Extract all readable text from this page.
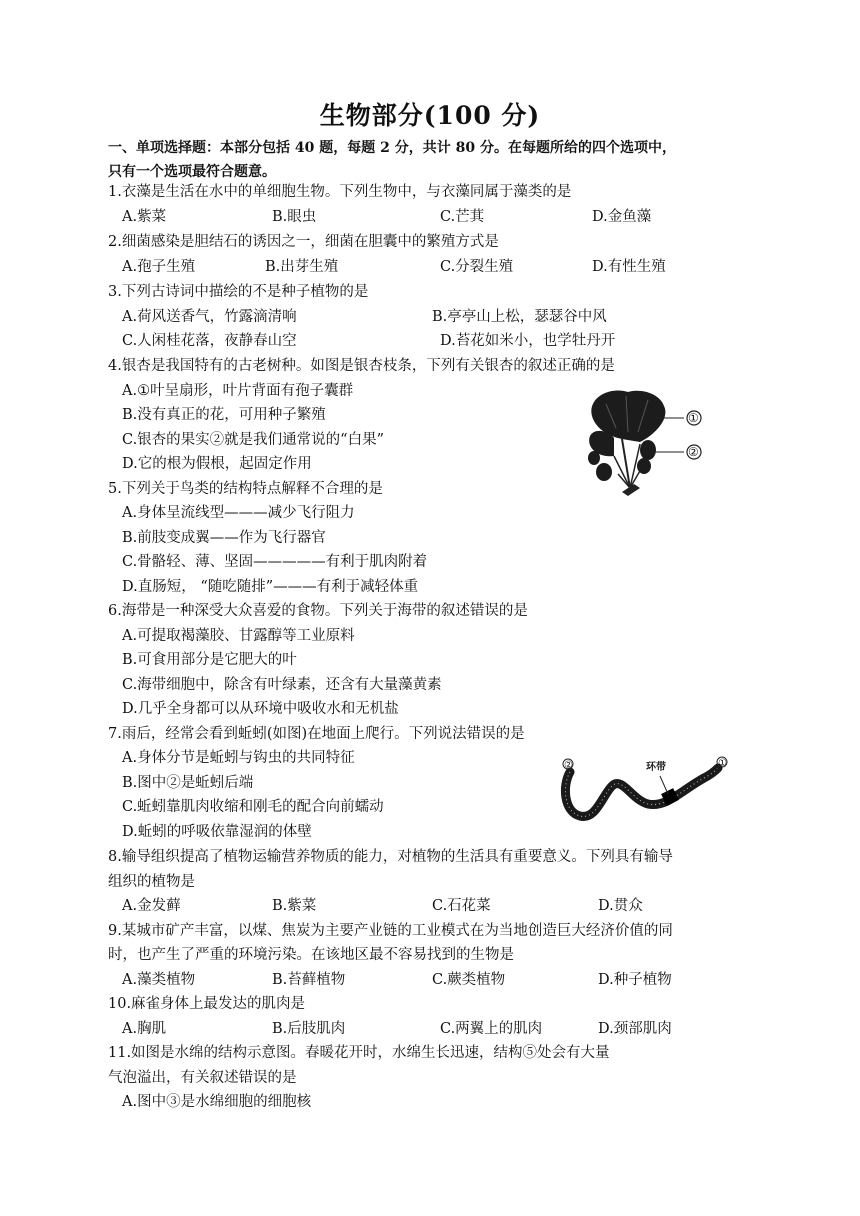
生物部分(100 分)
一、单项选择题：本部分包括 40 题，每题 2 分，共计 80 分。在每题所给的四个选项中，
只有一个选项最符合题意。
1.衣藻是生活在水中的单细胞生物。下列生物中，与衣藻同属于藻类的是
A.紫菜	B.眼虫	C.芒萁	D.金鱼藻
2.细菌感染是胆结石的诱因之一，细菌在胆囊中的繁殖方式是
A.孢子生殖	B.出芽生殖	C.分裂生殖	D.有性生殖
3.下列古诗词中描绘的不是种子植物的是
A.荷风送香气，竹露滴清响	B.亭亭山上松，瑟瑟谷中风
C.人闲桂花落，夜静春山空	D.苔花如米小，也学牡丹开
4.银杏是我国特有的古老树种。如图是银杏枝条，下列有关银杏的叙述正确的是
A.①叶呈扇形，叶片背面有孢子囊群
B.没有真正的花，可用种子繁殖
C.银杏的果实②就是我们通常说的“白果”
D.它的根为假根，起固定作用
①
②
5.下列关于鸟类的结构特点解释不合理的是
A.身体呈流线型———减少飞行阻力
B.前肢变成翼——作为飞行器官
C.骨骼轻、薄、坚固—————有利于肌肉附着
D.直肠短， “随吃随排”———有利于减轻体重
6.海带是一种深受大众喜爱的食物。下列关于海带的叙述错误的是
A.可提取褐藻胶、甘露醇等工业原料
B.可食用部分是它肥大的叶
C.海带细胞中，除含有叶绿素，还含有大量藻黄素
D.几乎全身都可以从环境中吸收水和无机盐
7.雨后，经常会看到蚯蚓(如图)在地面上爬行。下列说法错误的是
A.身体分节是蚯蚓与钩虫的共同特征
B.图中②是蚯蚓后端
C.蚯蚓靠肌肉收缩和刚毛的配合向前蠕动
D.蚯蚓的呼吸依靠湿润的体壁
②	环带	①
8.输导组织提高了植物运输营养物质的能力，对植物的生活具有重要意义。下列具有输导
组织的植物是
A.金发藓	B.紫菜	C.石花菜	D.贯众
9.某城市矿产丰富，以煤、焦炭为主要产业链的工业模式在为当地创造巨大经济价值的同
时，也产生了严重的环境污染。在该地区最不容易找到的生物是
A.藻类植物	B.苔藓植物	C.蕨类植物	D.种子植物
10.麻雀身体上最发达的肌肉是
A.胸肌	B.后肢肌肉	C.两翼上的肌肉	D.颈部肌肉
11.如图是水绵的结构示意图。春暖花开时，水绵生长迅速，结构⑤处会有大量
气泡溢出，有关叙述错误的是
A.图中③是水绵细胞的细胞核
